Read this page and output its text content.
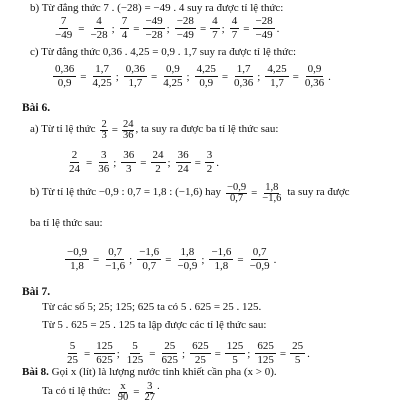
b) Từ đẳng thức 7 . (−28) = −49 . 4 suy ra được tỉ lệ thức:
$\frac{7}{-49} = \frac{4}{-28}$ ; $\frac{7}{4} = \frac{-49}{-28}$ ; $\frac{-28}{-49} = \frac{4}{7}$ ; $\frac{4}{7} = \frac{-28}{-49}$ .
c) Từ đẳng thức 0,36 . 4,25 = 0,9 . 1,7 suy ra được tỉ lệ thức:
$\frac{0,36}{0,9} = \frac{1,7}{4,25}$ ; $\frac{0,36}{1,7} = \frac{0,9}{4,25}$ ; $\frac{4,25}{0,9} = \frac{1,7}{0,36}$ ; $\frac{4,25}{1,7} = \frac{0,9}{0,36}$ .
Bài 6.
a) Từ tỉ lệ thức $\frac{2}{3} = \frac{24}{36}$ , ta suy ra được ba tỉ lệ thức sau:
$\frac{2}{24} = \frac{3}{36}$ ; $\frac{36}{3} = \frac{24}{2}$ ; $\frac{36}{24} = \frac{3}{2}$ .
b) Từ tỉ lệ thức −0,9 : 0,7 = 1,8 : (−1,6) hay $\frac{-0,9}{0,7} = \frac{1,8}{-1,6}$ ta suy ra được
ba tỉ lệ thức sau:
$\frac{-0,9}{1,8} = \frac{0,7}{-1,6}$ ; $\frac{-1,6}{0,7} = \frac{1,8}{-0,9}$ ; $\frac{-1,6}{1,8} = \frac{0,7}{-0,9}$ .
Bài 7.
Từ các số 5; 25; 125; 625 ta có 5 . 625 = 25 . 125.
Từ 5 . 625 = 25 . 125 ta lập được các tỉ lệ thức sau:
$\frac{5}{25} = \frac{125}{625}$ ; $\frac{5}{125} = \frac{25}{625}$ ; $\frac{625}{25} = \frac{125}{5}$ ; $\frac{625}{125} = \frac{25}{5}$ .
Bài 8. Gọi x (lít) là lượng nước tinh khiết cần pha (x > 0).
Ta có tỉ lệ thức: $\frac{x}{90} = \frac{3}{27}$ .
